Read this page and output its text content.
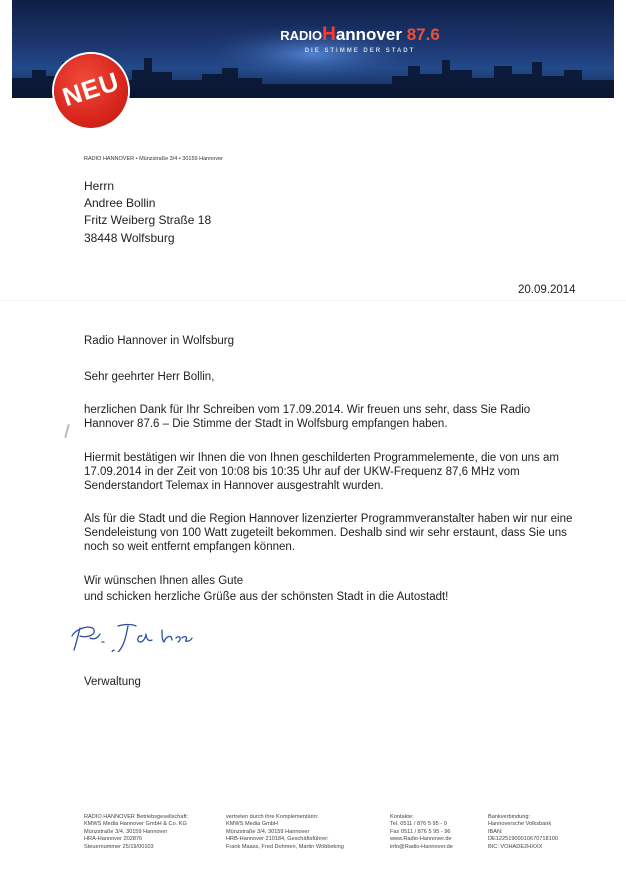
RADIOHannover 87.6
DIE STIMME DER STADT
NEU
RADIO HANNOVER • Münzstraße 3/4 • 30159 Hannover
Herrn
Andree Bollin
Fritz Weiberg Straße 18
38448 Wolfsburg
20.09.2014
Radio Hannover in Wolfsburg
Sehr geehrter Herr Bollin,
herzlichen Dank für Ihr Schreiben vom 17.09.2014. Wir freuen uns sehr, dass Sie Radio
Hannover 87.6 – Die Stimme der Stadt in Wolfsburg empfangen haben.
Hiermit bestätigen wir Ihnen die von Ihnen geschilderten Programmelemente, die von uns am
17.09.2014 in der Zeit von 10:08 bis 10:35 Uhr auf der UKW-Frequenz 87,6 MHz vom
Senderstandort Telemax in Hannover ausgestrahlt wurden.
Als für die Stadt und die Region Hannover lizenzierter Programmveranstalter haben wir nur eine
Sendeleistung von 100 Watt zugeteilt bekommen. Deshalb sind wir sehr erstaunt, dass Sie uns
noch so weit entfernt empfangen können.
Wir wünschen Ihnen alles Gute
und schicken herzliche Grüße aus der schönsten Stadt in die Autostadt!
Verwaltung
RADIO HANNOVER Betriebsgesellschaft:
KMWS Media Hannover GmbH & Co. KG
Münzstraße 3/4, 30159 Hannover
HRA-Hannover 202876
Steuernummer 25/19/00103
vertreten durch ihre Komplementärin:
KMWS Media GmbH
Münzstraße 3/4, 30159 Hannover
HRB-Hannover 210184, Geschäftsführer:
Frank Maass, Fred Dohmen, Martin Wöbbeking
Kontakte:
Tel. 0511 / 876 5 95 - 0
Fax 0511 / 876 5 95 - 96
www.Radio-Hannover.de
info@Radio-Hannover.de
Bankverbindung:
Hannoversche Volksbank
IBAN:
DE12251900010670718100
BIC: VOHADE2HXXX
